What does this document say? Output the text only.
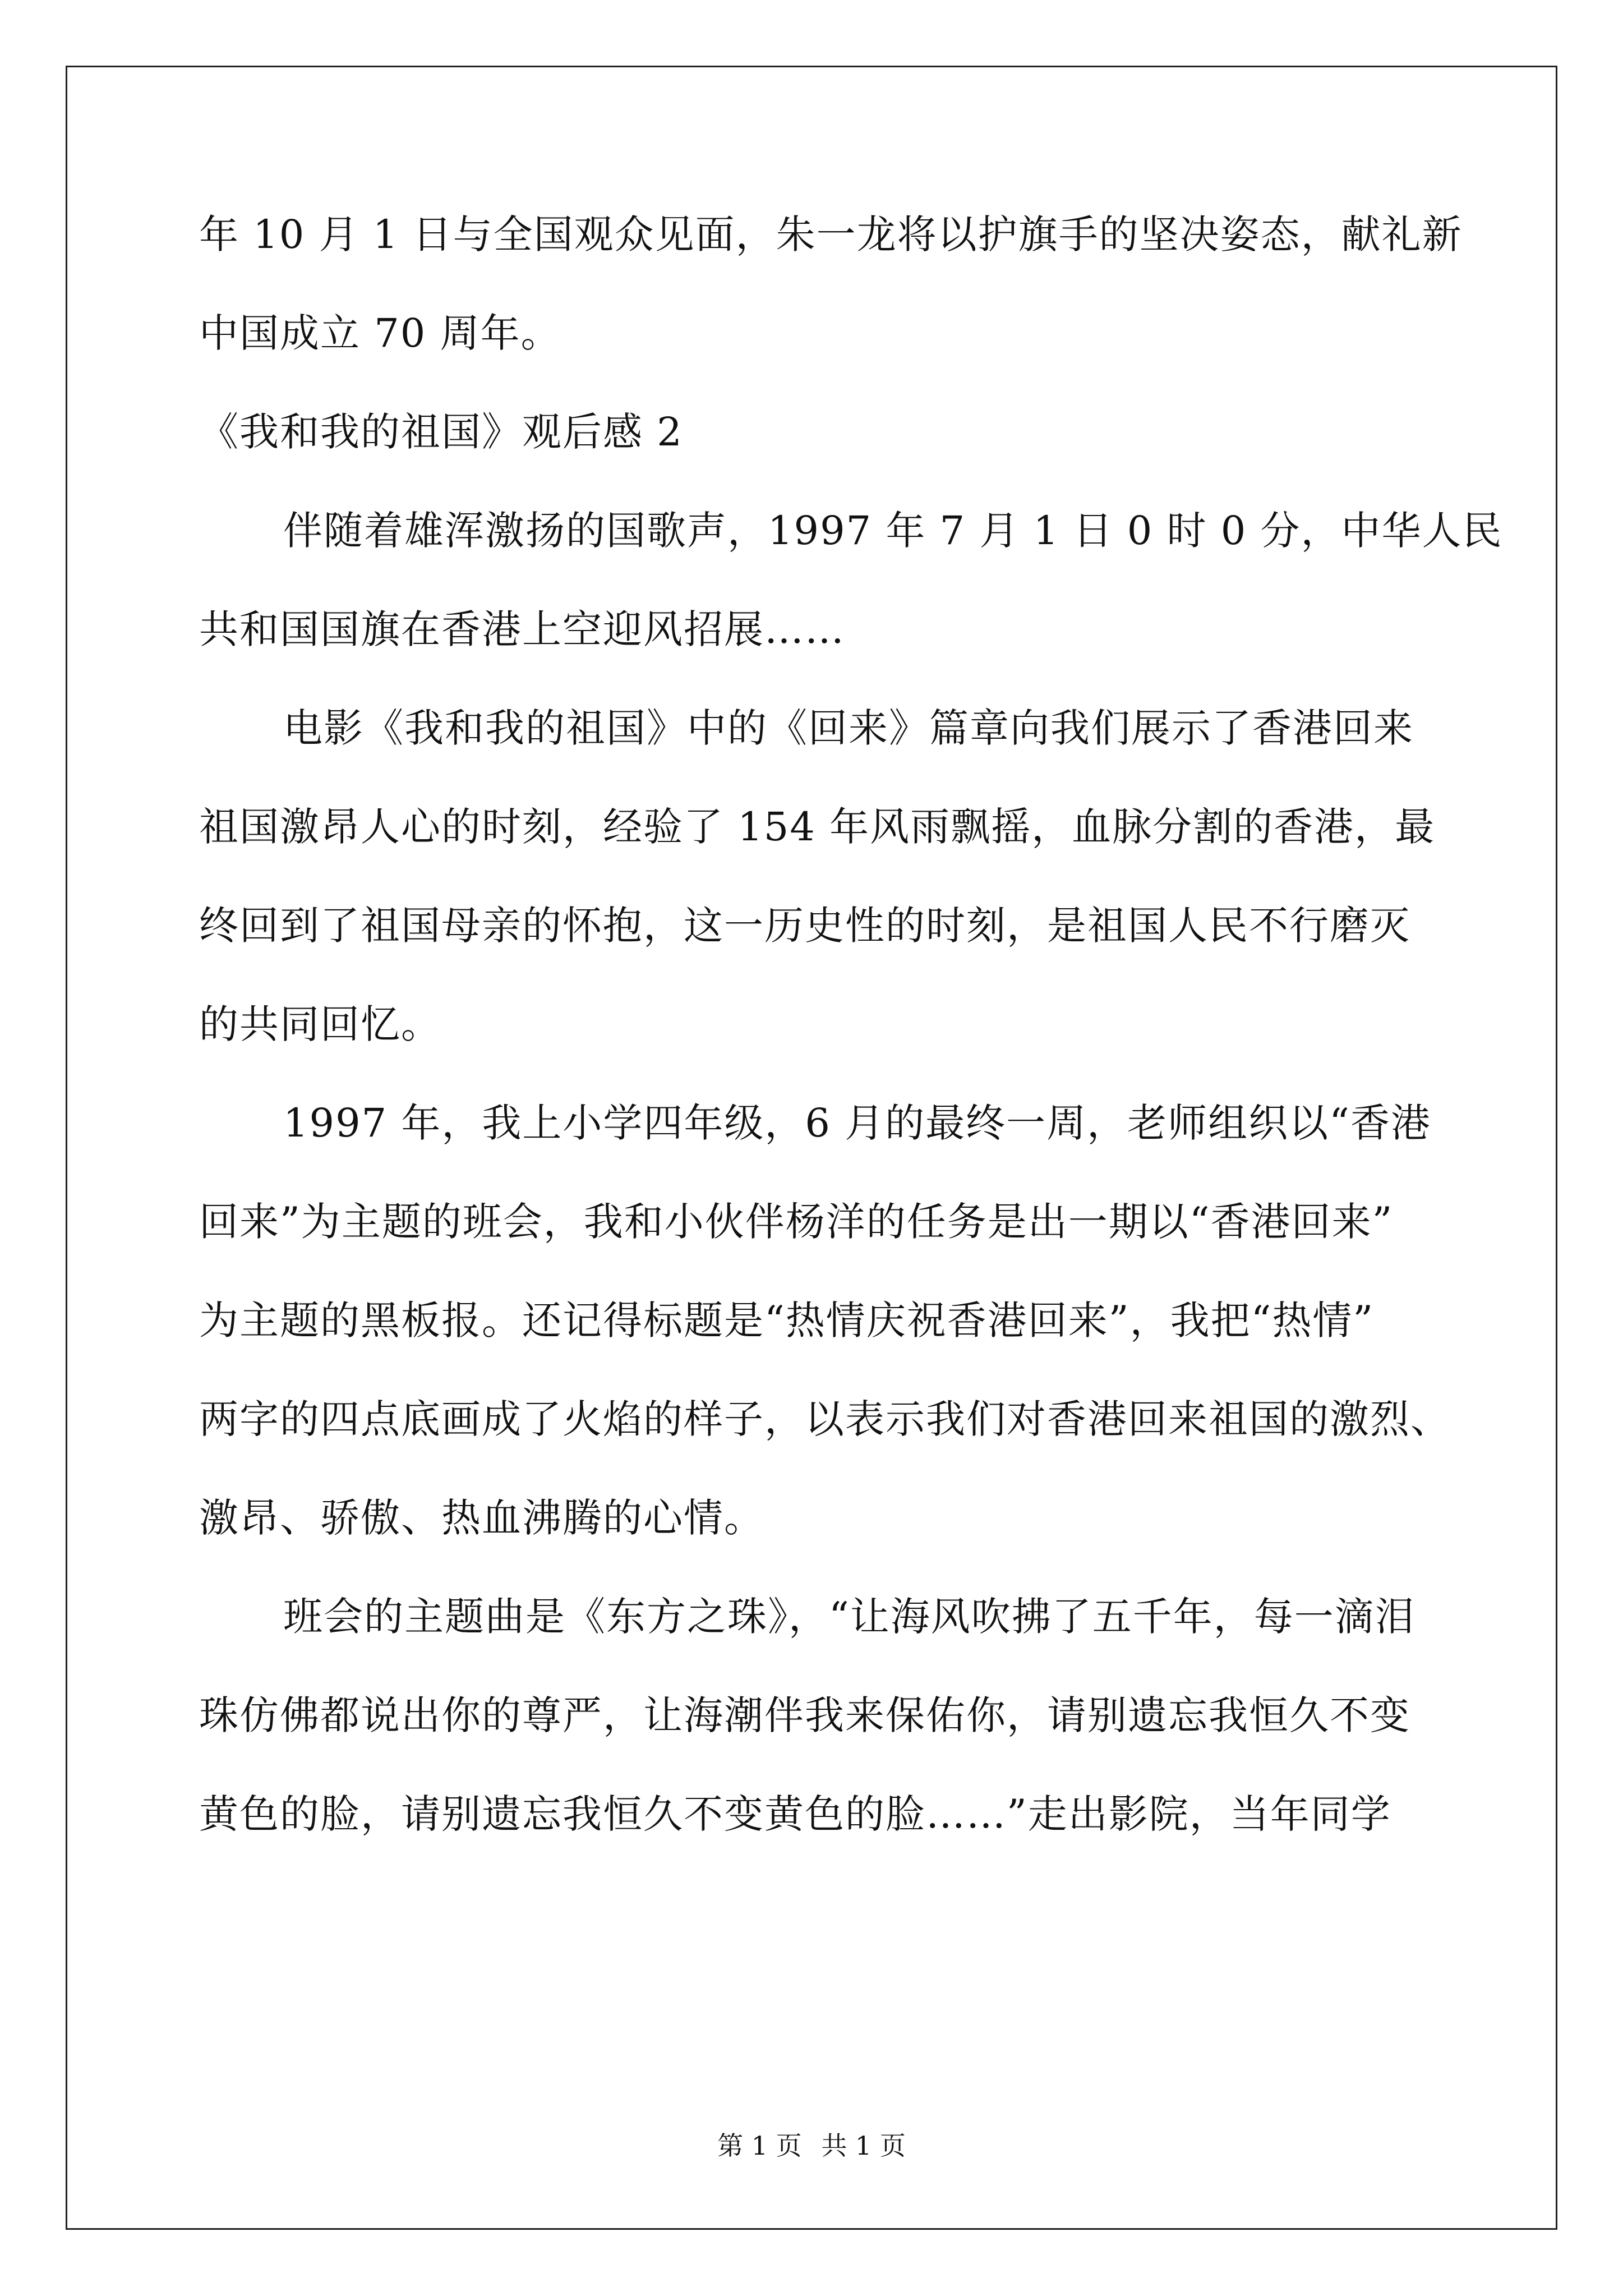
年 10 月 1 日与全国观众见面，朱一龙将以护旗手的坚决姿态，献礼新
中国成立 70 周年。
《我和我的祖国》观后感 2
伴随着雄浑激扬的国歌声，1997 年 7 月 1 日 0 时 0 分，中华人民
共和国国旗在香港上空迎风招展……
电影《我和我的祖国》中的《回来》篇章向我们展示了香港回来
祖国激昂人心的时刻，经验了 154 年风雨飘摇，血脉分割的香港，最
终回到了祖国母亲的怀抱，这一历史性的时刻，是祖国人民不行磨灭
的共同回忆。
1997 年，我上小学四年级，6 月的最终一周，老师组织以“香港
回来”为主题的班会，我和小伙伴杨洋的任务是出一期以“香港回来”
为主题的黑板报。还记得标题是“热情庆祝香港回来”，我把“热情”
两字的四点底画成了火焰的样子，以表示我们对香港回来祖国的激烈、
激昂、骄傲、热血沸腾的心情。
班会的主题曲是《东方之珠》，“让海风吹拂了五千年，每一滴泪
珠仿佛都说出你的尊严，让海潮伴我来保佑你，请别遗忘我恒久不变
黄色的脸，请别遗忘我恒久不变黄色的脸……”走出影院，当年同学
第 1 页 共 1 页
